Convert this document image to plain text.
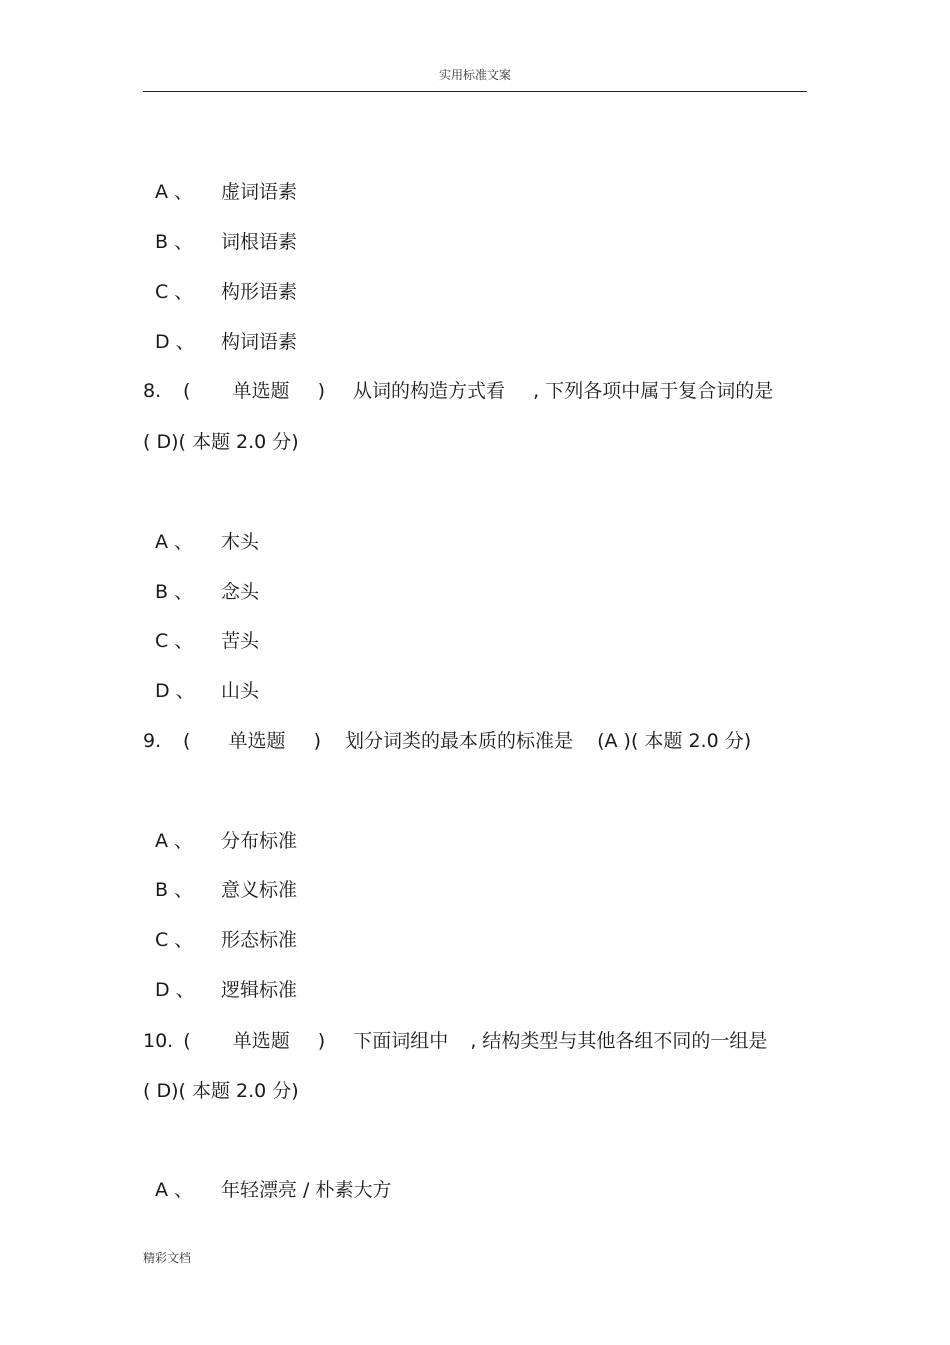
实用标准文案
A 、 虚词语素
B 、 词根语素
C 、 构形语素
D 、 构词语素
8. ( 单选题 ) 从词的构造方式看 , 下列各项中属于复合词的是
( D)( 本题 2.0 分)
A 、 木头
B 、 念头
C 、 苦头
D 、 山头
9. ( 单选题 ) 划分词类的最本质的标准是 (A )( 本题 2.0 分)
A 、 分布标准
B 、 意义标准
C 、 形态标准
D 、 逻辑标准
10. ( 单选题 ) 下面词组中 , 结构类型与其他各组不同的一组是
( D)( 本题 2.0 分)
A 、 年轻漂亮 / 朴素大方
精彩文档
